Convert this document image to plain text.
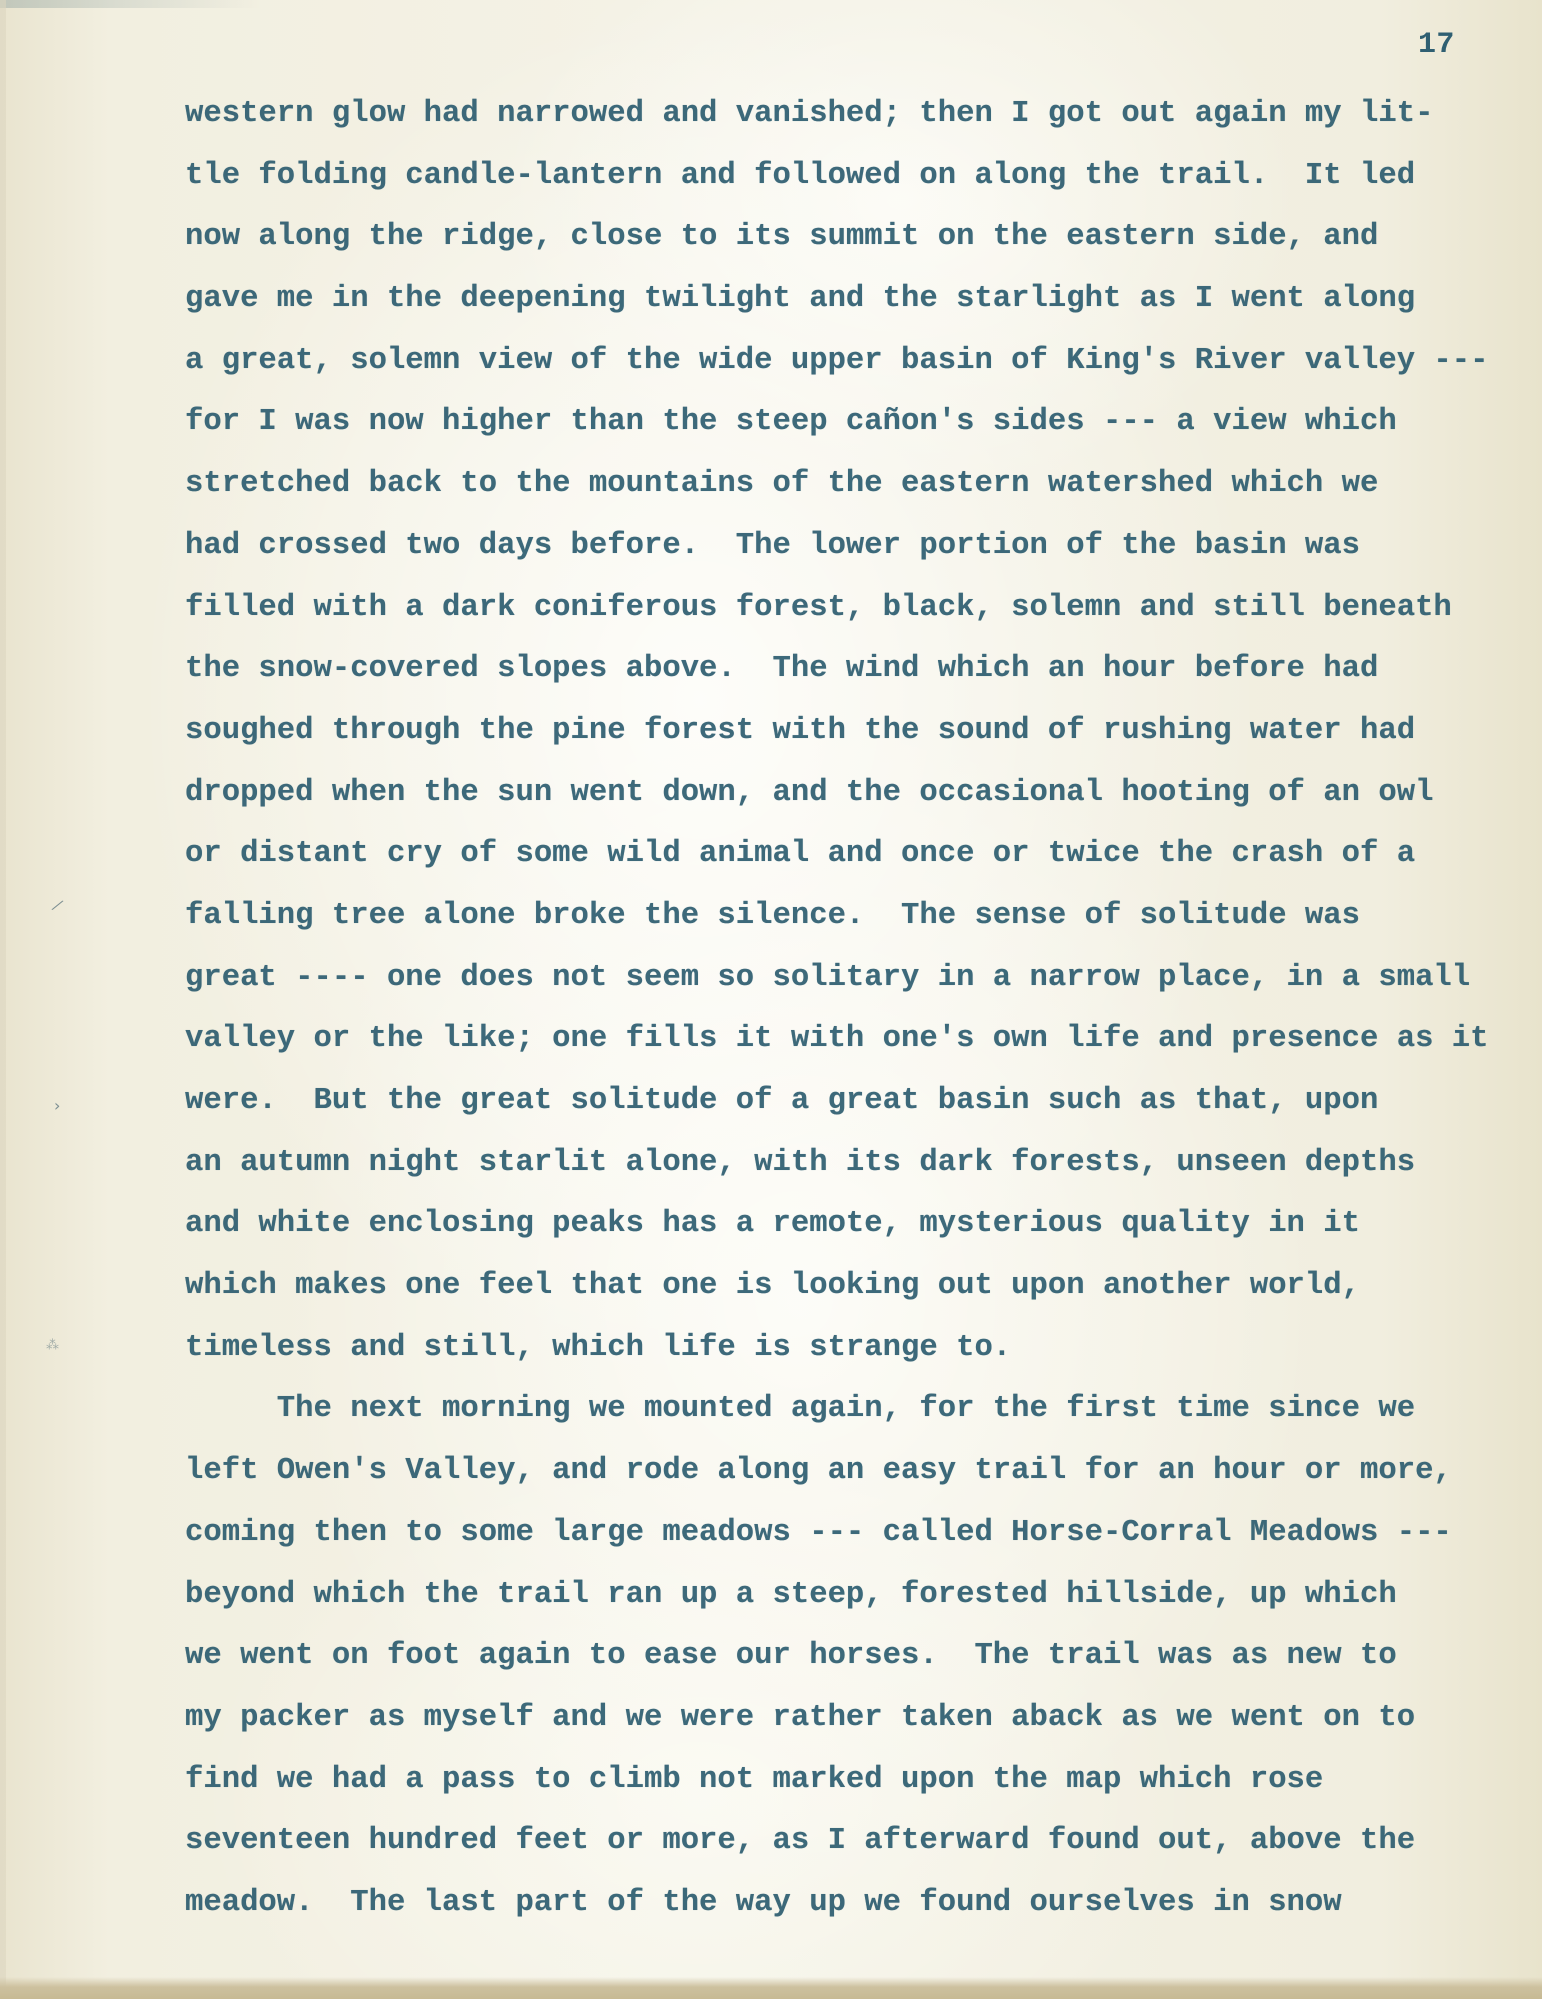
17
⁄
›
⁂
western glow had narrowed and vanished; then I got out again my lit-
tle folding candle-lantern and followed on along the trail.  It led
now along the ridge, close to its summit on the eastern side, and
gave me in the deepening twilight and the starlight as I went along
a great, solemn view of the wide upper basin of King's River valley ---
for I was now higher than the steep cañon's sides --- a view which
stretched back to the mountains of the eastern watershed which we
had crossed two days before.  The lower portion of the basin was
filled with a dark coniferous forest, black, solemn and still beneath
the snow-covered slopes above.  The wind which an hour before had
soughed through the pine forest with the sound of rushing water had
dropped when the sun went down, and the occasional hooting of an owl
or distant cry of some wild animal and once or twice the crash of a
falling tree alone broke the silence.  The sense of solitude was
great ---- one does not seem so solitary in a narrow place, in a small
valley or the like; one fills it with one's own life and presence as it
were.  But the great solitude of a great basin such as that, upon
an autumn night starlit alone, with its dark forests, unseen depths
and white enclosing peaks has a remote, mysterious quality in it
which makes one feel that one is looking out upon another world,
timeless and still, which life is strange to.
The next morning we mounted again, for the first time since we
left Owen's Valley, and rode along an easy trail for an hour or more,
coming then to some large meadows --- called Horse-Corral Meadows ---
beyond which the trail ran up a steep, forested hillside, up which
we went on foot again to ease our horses.  The trail was as new to
my packer as myself and we were rather taken aback as we went on to
find we had a pass to climb not marked upon the map which rose
seventeen hundred feet or more, as I afterward found out, above the
meadow.  The last part of the way up we found ourselves in snow
